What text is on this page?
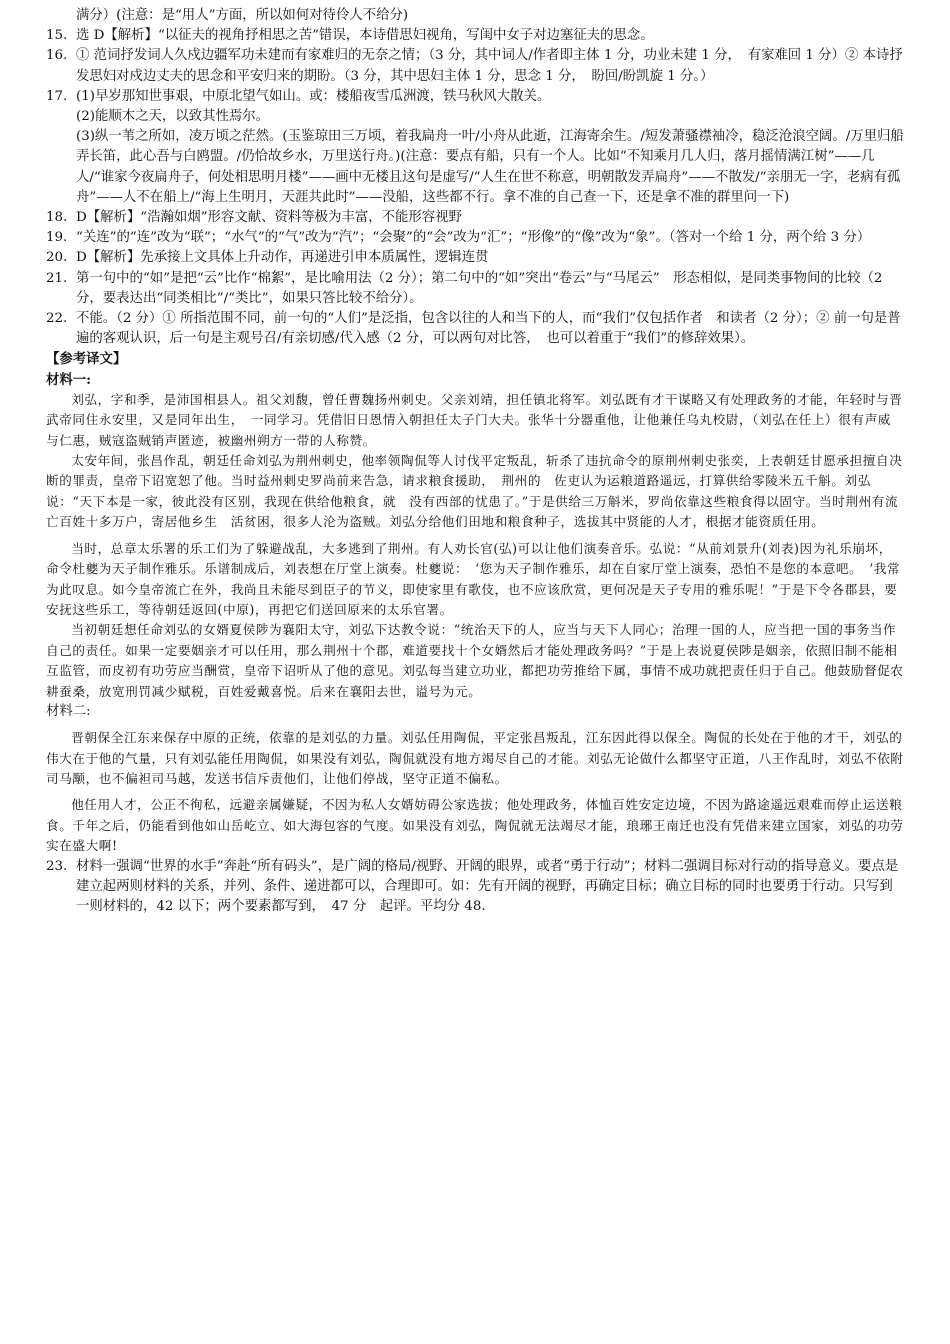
满分）(注意：是“用人”方面，所以如何对待伶人不给分)

15. 选 D【解析】“以征夫的视角抒相思之苦”错误，本诗借思妇视角，写闺中女子对边塞征夫的思念。
16. ① 范词抒发词人久戍边疆军功未建而有家难归的无奈之情；（3 分，其中词人/作者即主体 1 分，功业未建 1 分，　有家难回 1 分）② 本诗抒发思妇对戍边丈夫的思念和平安归来的期盼。（3 分，其中思妇主体 1 分，思念 1 分，　盼回/盼凯旋 1 分。）
17. (1)早岁那知世事艰，中原北望气如山。或：楼船夜雪瓜洲渡，铁马秋风大散关。
(2)能顺木之天，以致其性焉尔。
(3)纵一苇之所如，凌万顷之茫然。(玉鉴琼田三万顷，着我扁舟一叶/小舟从此逝，江海寄余生。/短发萧骚襟袖冷，稳泛沧浪空阔。/万里归船弄长笛，此心吾与白鸥盟。/仍恰故乡水，万里送行舟。)(注意：要点有船，只有一个人。比如“不知乘月几人归，落月摇情满江树”——几人/“谁家今夜扁舟子，何处相思明月楼”——画中无楼且这句是虚写/“人生在世不称意，明朝散发弄扁舟”——不散发/“亲朋无一字，老病有孤舟”——人不在船上/“海上生明月，天涯共此时”——没船，这些都不行。拿不准的自己查一下，还是拿不准的群里问一下)
18. D【解析】“浩瀚如烟”形容文献、资料等极为丰富，不能形容视野
19. “关连”的“连”改为“联”；“水气”的“气”改为“汽”；“会聚”的“会”改为“汇”；“形像”的“像”改为“象”。（答对一个给 1 分，两个给 3 分）
20. D【解析】先承接上文具体上升动作，再递进引申本质属性，逻辑连贯
21. 第一句中的“如”是把“云”比作“棉絮”，是比喻用法（2 分）；第二句中的“如”突出“卷云”与“马尾云”　形态相似，是同类事物间的比较（2 分，要表达出“同类相比”/“类比”，如果只答比较不给分）。
22. 不能。（2 分）① 所指范围不同，前一句的“人们”是泛指，包含以往的人和当下的人，而“我们”仅包括作者　和读者（2 分）；② 前一句是普遍的客观认识，后一句是主观号召/有亲切感/代入感（2 分，可以两句对比答，　也可以着重于“我们”的修辞效果）。

【参考译文】

材料一:

刘弘，字和季，是沛国相县人。祖父刘馥，曾任曹魏扬州刺史。父亲刘靖，担任镇北将军。刘弘既有才干谋略又有处理政务的才能，年轻时与晋武帝同住永安里，又是同年出生，　一同学习。凭借旧日恩情入朝担任太子门大夫。张华十分器重他，让他兼任乌丸校尉，（刘弘在任上）很有声威与仁惠，贼寇盗贼销声匿迹，被幽州朔方一带的人称赞。

太安年间，张昌作乱，朝廷任命刘弘为荆州刺史，他率领陶侃等人讨伐平定叛乱，斩杀了违抗命令的原荆州刺史张奕，上表朝廷甘愿承担擅自决断的罪责，皇帝下诏宽恕了他。当时益州刺史罗尚前来告急，请求粮食援助，　荆州的　佐吏认为运粮道路遥远，打算供给零陵米五千斛。刘弘说：“天下本是一家，彼此没有区别，我现在供给他粮食，就　没有西部的忧患了。”于是供给三万斛米，罗尚依靠这些粮食得以固守。当时荆州有流亡百姓十多万户，寄居他乡生　活贫困，很多人沦为盗贼。刘弘分给他们田地和粮食种子，选拔其中贤能的人才，根据才能资质任用。

当时，总章太乐署的乐工们为了躲避战乱，大多逃到了荆州。有人劝长官(弘)可以让他们演奏音乐。弘说：“从前刘景升(刘表)因为礼乐崩坏，命令杜夔为天子制作雅乐。乐谱制成后，刘表想在厅堂上演奏。杜夔说：　‘您为天子制作雅乐，却在自家厅堂上演奏，恐怕不是您的本意吧。　’我常为此叹息。如今皇帝流亡在外，我尚且未能尽到臣子的节义，即使家里有歌伎，也不应该欣赏，更何况是天子专用的雅乐呢！”于是下令各郡县，要安抚这些乐工，等待朝廷返回(中原)，再把它们送回原来的太乐官署。

当初朝廷想任命刘弘的女婿夏侯陟为襄阳太守，刘弘下达教令说：“统治天下的人，应当与天下人同心；治理一国的人，应当把一国的事务当作自己的责任。如果一定要姻亲才可以任用，那么荆州十个郡，难道要找十个女婿然后才能处理政务吗？”于是上表说夏侯陟是姻亲，依照旧制不能相互监管，而皮初有功劳应当酬赏，皇帝下诏听从了他的意见。刘弘每当建立功业，都把功劳推给下属，事情不成功就把责任归于自己。他鼓励督促农耕蚕桑，放宽刑罚减少赋税，百姓爱戴喜悦。后来在襄阳去世，谥号为元。

材料二:

晋朝保全江东来保存中原的正统，依靠的是刘弘的力量。刘弘任用陶侃，平定张昌叛乱，江东因此得以保全。陶侃的长处在于他的才干，刘弘的伟大在于他的气量，只有刘弘能任用陶侃，如果没有刘弘，陶侃就没有地方竭尽自己的才能。刘弘无论做什么都坚守正道，八王作乱时，刘弘不依附司马颙，也不偏袒司马越，发送书信斥责他们，让他们停战，坚守正道不偏私。

他任用人才，公正不徇私，远避亲属嫌疑，不因为私人女婿妨碍公家选拔；他处理政务，体恤百姓安定边境，不因为路途遥远艰难而停止运送粮食。千年之后，仍能看到他如山岳屹立、如大海包容的气度。如果没有刘弘，陶侃就无法竭尽才能，琅琊王南迁也没有凭借来建立国家，刘弘的功劳实在盛大啊!

23. 材料一强调“世界的水手”奔赴“所有码头”，是广阔的格局/视野、开阔的眼界，或者“勇于行动”；材料二强调目标对行动的指导意义。要点是建立起两则材料的关系，并列、条件、递进都可以，合理即可。如：先有开阔的视野，再确定目标；确立目标的同时也要勇于行动。只写到一则材料的，42 以下；两个要素都写到，　47 分　起评。平均分 48.
